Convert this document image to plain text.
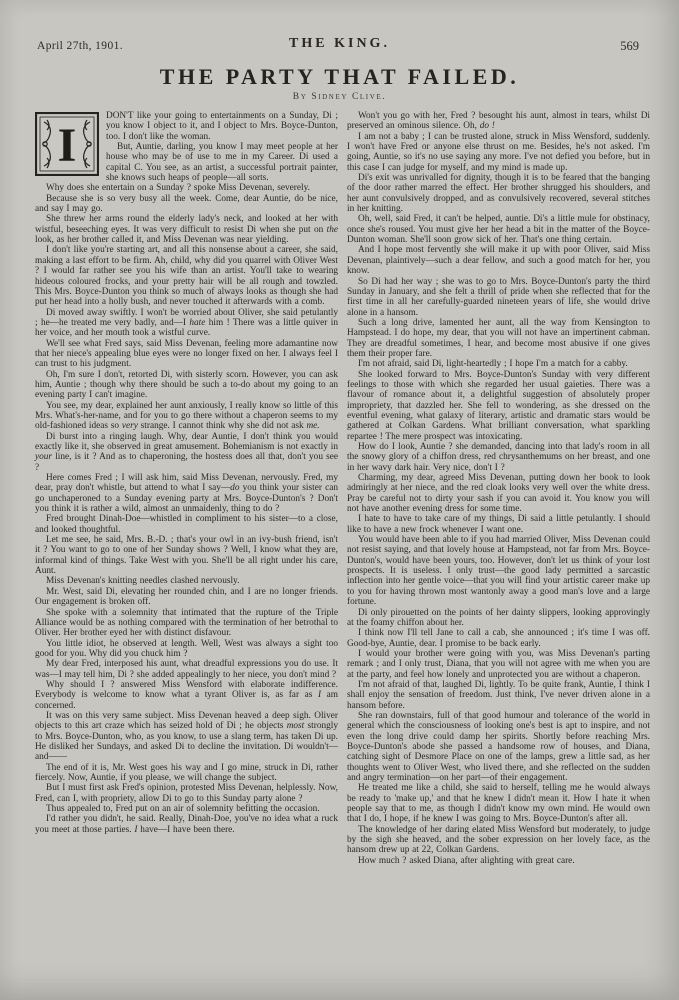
April 27th, 1901.	THE KING.	569
THE PARTY THAT FAILED.
By Sidney Clive.
I

DON'T like your going to entertainments on a Sunday, Di ; you know I object to it, and I object to Mrs. Boyce-Dunton, too. I don't like the woman.

But, Auntie, darling, you know I may meet people at her house who may be of use to me in my Career. Di used a capital C. You see, as an artist, a successful portrait painter, she knows such heaps of people—all sorts.

Why does she entertain on a Sunday ? spoke Miss Devenan, severely.

Because she is so very busy all the week. Come, dear Auntie, do be nice, and say I may go.

She threw her arms round the elderly lady's neck, and looked at her with wistful, beseeching eyes. It was very difficult to resist Di when she put on the look, as her brother called it, and Miss Devenan was near yielding.

I don't like you're starting art, and all this nonsense about a career, she said, making a last effort to be firm. Ah, child, why did you quarrel with Oliver West ? I would far rather see you his wife than an artist. You'll take to wearing hideous coloured frocks, and your pretty hair will be all rough and towzled. This Mrs. Boyce-Dunton you think so much of always looks as though she had put her head into a holly bush, and never touched it afterwards with a comb.

Di moved away swiftly. I won't be worried about Oliver, she said petulantly ; he—he treated me very badly, and—I hate him ! There was a little quiver in her voice, and her mouth took a wistful curve.

We'll see what Fred says, said Miss Devenan, feeling more adamantine now that her niece's appealing blue eyes were no longer fixed on her. I always feel I can trust to his judgment.

Oh, I'm sure I don't, retorted Di, with sisterly scorn. However, you can ask him, Auntie ; though why there should be such a to-do about my going to an evening party I can't imagine.

You see, my dear, explained her aunt anxiously, I really know so little of this Mrs. What's-her-name, and for you to go there without a chaperon seems to my old-fashioned ideas so very strange. I cannot think why she did not ask me.

Di burst into a ringing laugh. Why, dear Auntie, I don't think you would exactly like it, she observed in great amusement. Bohemianism is not exactly in your line, is it ? And as to chaperoning, the hostess does all that, don't you see ?

Here comes Fred ; I will ask him, said Miss Devenan, nervously. Fred, my dear, pray don't whistle, but attend to what I say—do you think your sister can go unchaperoned to a Sunday evening party at Mrs. Boyce-Dunton's ? Don't you think it is rather a wild, almost an unmaidenly, thing to do ?

Fred brought Dinah-Doe—whistled in compliment to his sister—to a close, and looked thoughtful.

Let me see, he said, Mrs. B.-D. ; that's your owl in an ivy-bush friend, isn't it ? You want to go to one of her Sunday shows ? Well, I know what they are, informal kind of things. Take West with you. She'll be all right under his care, Aunt.

Miss Devenan's knitting needles clashed nervously.

Mr. West, said Di, elevating her rounded chin, and I are no longer friends. Our engagement is broken off.

She spoke with a solemnity that intimated that the rupture of the Triple Alliance would be as nothing compared with the termination of her betrothal to Oliver. Her brother eyed her with distinct disfavour.

You little idiot, he observed at length. Well, West was always a sight too good for you. Why did you chuck him ?

My dear Fred, interposed his aunt, what dreadful expressions you do use. It was—I may tell him, Di ? she added appealingly to her niece, you don't mind ?

Why should I ? answered Miss Wensford with elaborate indifference. Everybody is welcome to know what a tyrant Oliver is, as far as I am concerned.

It was on this very same subject. Miss Devenan heaved a deep sigh. Oliver objects to this art craze which has seized hold of Di ; he objects most strongly to Mrs. Boyce-Dunton, who, as you know, to use a slang term, has taken Di up. He disliked her Sundays, and asked Di to decline the invitation. Di wouldn't—and——

The end of it is, Mr. West goes his way and I go mine, struck in Di, rather fiercely. Now, Auntie, if you please, we will change the subject.

But I must first ask Fred's opinion, protested Miss Devenan, helplessly. Now, Fred, can I, with propriety, allow Di to go to this Sunday party alone ?

Thus appealed to, Fred put on an air of solemnity befitting the occasion.

I'd rather you didn't, he said. Really, Dinah-Doe, you've no idea what a ruck you meet at those parties. I have—I have been there.

Won't you go with her, Fred ? besought his aunt, almost in tears, whilst Di preserved an ominous silence. Oh, do !

I am not a baby ; I can be trusted alone, struck in Miss Wensford, suddenly. I won't have Fred or anyone else thrust on me. Besides, he's not asked. I'm going, Auntie, so it's no use saying any more. I've not defied you before, but in this case I can judge for myself, and my mind is made up.

Di's exit was unrivalled for dignity, though it is to be feared that the banging of the door rather marred the effect. Her brother shrugged his shoulders, and her aunt convulsively dropped, and as convulsively recovered, several stitches in her knitting.

Oh, well, said Fred, it can't be helped, auntie. Di's a little mule for obstinacy, once she's roused. You must give her her head a bit in the matter of the Boyce-Dunton woman. She'll soon grow sick of her. That's one thing certain.

And I hope most fervently she will make it up with poor Oliver, said Miss Devenan, plaintively—such a dear fellow, and such a good match for her, you know.

So Di had her way ; she was to go to Mrs. Boyce-Dunton's party the third Sunday in January, and she felt a thrill of pride when she reflected that for the first time in all her carefully-guarded nineteen years of life, she would drive alone in a hansom.

Such a long drive, lamented her aunt, all the way from Kensington to Hampstead. I do hope, my dear, that you will not have an impertinent cabman. They are dreadful sometimes, I hear, and become most abusive if one gives them their proper fare.

I'm not afraid, said Di, light-heartedly ; I hope I'm a match for a cabby.

She looked forward to Mrs. Boyce-Dunton's Sunday with very different feelings to those with which she regarded her usual gaieties. There was a flavour of romance about it, a delightful suggestion of absolutely proper impropriety, that dazzled her. She fell to wondering, as she dressed on the eventful evening, what galaxy of literary, artistic and dramatic stars would be gathered at Colkan Gardens. What brilliant conversation, what sparkling repartee ! The mere prospect was intoxicating.

How do I look, Auntie ? she demanded, dancing into that lady's room in all the snowy glory of a chiffon dress, red chrysanthemums on her breast, and one in her wavy dark hair. Very nice, don't I ?

Charming, my dear, agreed Miss Devenan, putting down her book to look admiringly at her niece, and the red cloak looks very well over the white dress. Pray be careful not to dirty your sash if you can avoid it. You know you will not have another evening dress for some time.

I hate to have to take care of my things, Di said a little petulantly. I should like to have a new frock whenever I want one.

You would have been able to if you had married Oliver, Miss Devenan could not resist saying, and that lovely house at Hampstead, not far from Mrs. Boyce-Dunton's, would have been yours, too. However, don't let us think of your lost prospects. It is useless. I only trust—the good lady permitted a sarcastic inflection into her gentle voice—that you will find your artistic career make up to you for having thrown most wantonly away a good man's love and a large fortune.

Di only pirouetted on the points of her dainty slippers, looking approvingly at the foamy chiffon about her.

I think now I'll tell Jane to call a cab, she announced ; it's time I was off. Good-bye, Auntie, dear. I promise to be back early.

I would your brother were going with you, was Miss Devenan's parting remark ; and I only trust, Diana, that you will not agree with me when you are at the party, and feel how lonely and unprotected you are without a chaperon.

I'm not afraid of that, laughed Di, lightly. To be quite frank, Auntie, I think I shall enjoy the sensation of freedom. Just think, I've never driven alone in a hansom before.

She ran downstairs, full of that good humour and tolerance of the world in general which the consciousness of looking one's best is apt to inspire, and not even the long drive could damp her spirits. Shortly before reaching Mrs. Boyce-Dunton's abode she passed a handsome row of houses, and Diana, catching sight of Desmore Place on one of the lamps, grew a little sad, as her thoughts went to Oliver West, who lived there, and she reflected on the sudden and angry termination—on her part—of their engagement.

He treated me like a child, she said to herself, telling me he would always be ready to 'make up,' and that he knew I didn't mean it. How I hate it when people say that to me, as though I didn't know my own mind. He would own that I do, I hope, if he knew I was going to Mrs. Boyce-Dunton's after all.

The knowledge of her daring elated Miss Wensford but moderately, to judge by the sigh she heaved, and the sober expression on her lovely face, as the hansom drew up at 22, Colkan Gardens.

How much ? asked Diana, after alighting with great care.
